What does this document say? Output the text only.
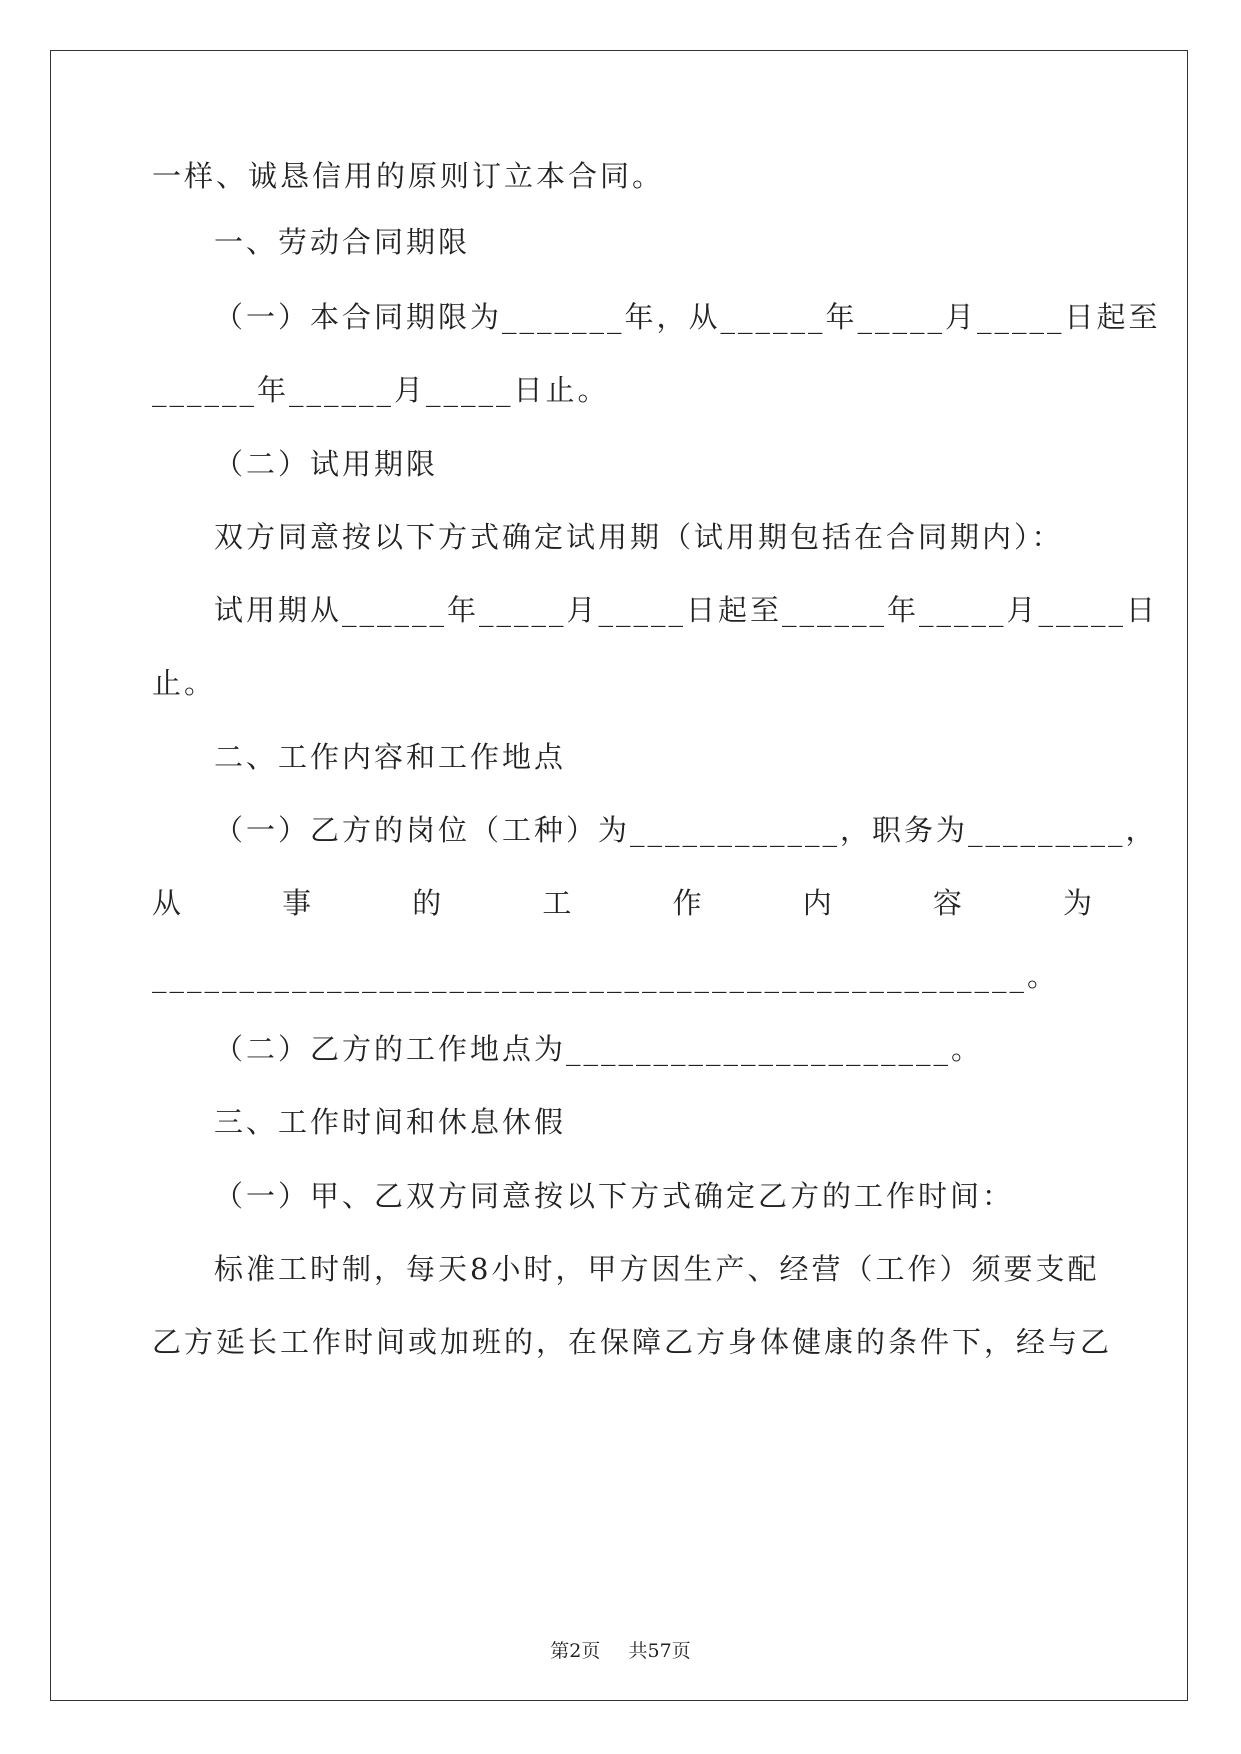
一样、诚恳信用的原则订立本合同。
一、劳动合同期限
（一）本合同期限为_______年，从______年_____月_____日起至
______年______月_____日止。
（二）试用期限
双方同意按以下方式确定试用期（试用期包括在合同期内）：
试用期从______年_____月_____日起至______年_____月_____日
止。
二、工作内容和工作地点
（一）乙方的岗位（工种）为____________，职务为_________，
从	事	的	工	作	内	容	为
__________________________________________________。
（二）乙方的工作地点为______________________。
三、工作时间和休息休假
（一）甲、乙双方同意按以下方式确定乙方的工作时间：
标准工时制，每天8小时，甲方因生产、经营（工作）须要支配
乙方延长工作时间或加班的，在保障乙方身体健康的条件下，经与乙
第2页 共57页
